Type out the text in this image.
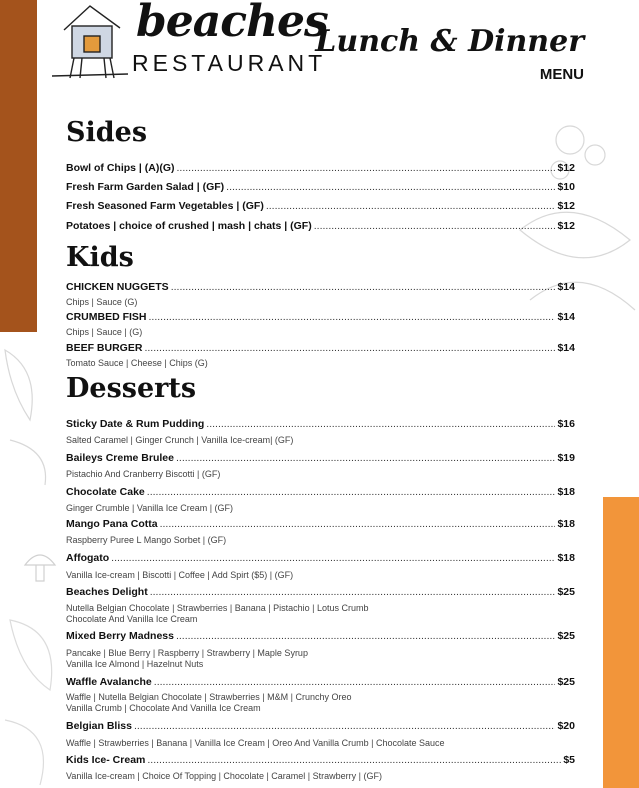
beaches
RESTAURANT
Lunch & Dinner
MENU
Sides
Bowl of Chips | (A)(G) .....	$12
Fresh Farm Garden Salad | (GF) .....	$10
Fresh Seasoned Farm Vegetables | (GF) .....	$12
Potatoes | choice of crushed | mash | chats | (GF) .....	$12
Kids
CHICKEN NUGGETS .....	$14
Chips | Sauce (G)
CRUMBED FISH .....	$14
Chips | Sauce | (G)
BEEF BURGER .....	$14
Tomato Sauce | Cheese | Chips (G)
Desserts
Sticky Date & Rum Pudding .....	$16
Salted Caramel | Ginger Crunch | Vanilla Ice-cream| (GF)
Baileys Creme Brulee .....	$19
Pistachio And Cranberry Biscotti | (GF)
Chocolate Cake .....	$18
Ginger Crumble | Vanilla Ice Cream | (GF)
Mango Pana Cotta .....	$18
Raspberry Puree L Mango Sorbet | (GF)
Affogato .....	$18
Vanilla Ice-cream | Biscotti | Coffee | Add Spirt ($5) | (GF)
Beaches Delight .....	$25
Nutella Belgian Chocolate | Strawberries | Banana | Pistachio | Lotus Crumb
Chocolate And Vanilla Ice Cream
Mixed Berry Madness .....	$25
Pancake | Blue Berry | Raspberry | Strawberry | Maple Syrup
Vanilla Ice Almond | Hazelnut Nuts
Waffle Avalanche .....	$25
Waffle | Nutella Belgian Chocolate | Strawberries | M&M | Crunchy Oreo
Vanilla Crumb | Chocolate And Vanilla Ice Cream
Belgian Bliss .....	$20
Waffle | Strawberries | Banana | Vanilla Ice Cream | Oreo And Vanilla Crumb | Chocolate Sauce
Kids Ice- Cream .....	$5
Vanilla Ice-cream | Choice Of Topping | Chocolate | Caramel | Strawberry | (GF)
